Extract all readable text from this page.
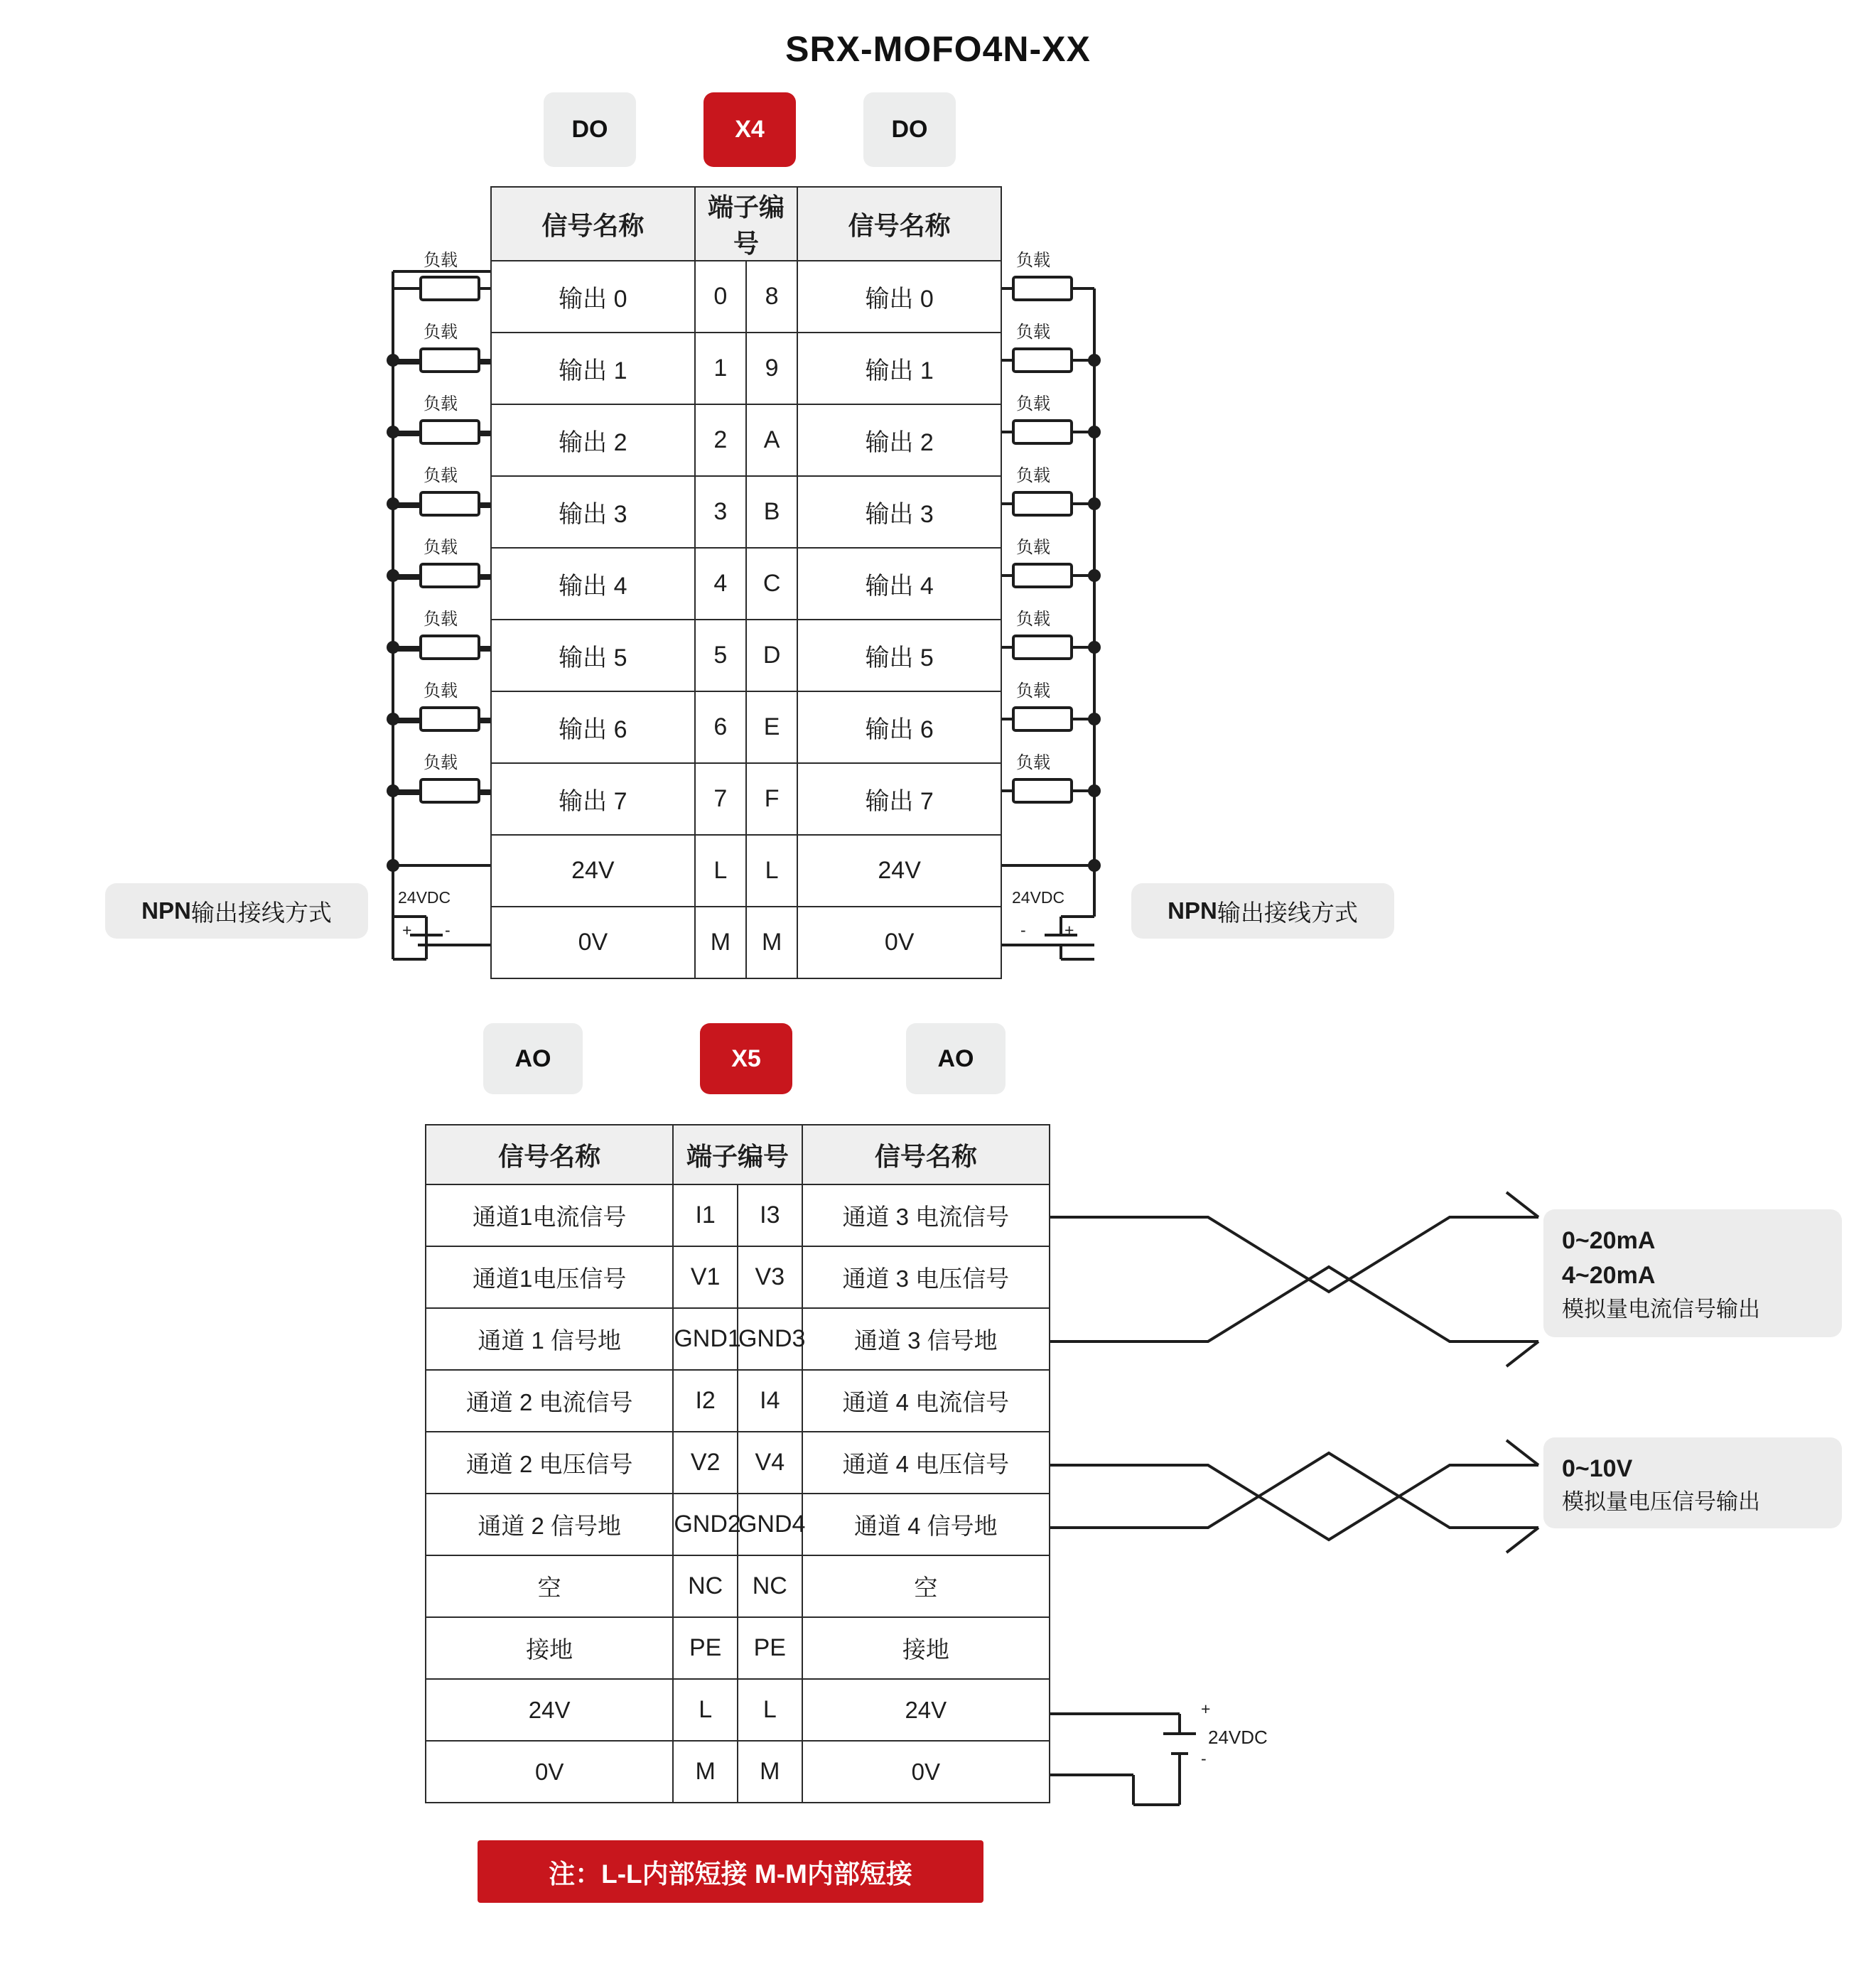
SRX-MOFO4N-XX
DO	X4	DO
信号名称	端子编号		信号名称
输出 0	0	8	输出 0
输出 1	1	9	输出 1
输出 2	2	A	输出 2
输出 3	3	B	输出 3
输出 4	4	C	输出 4
输出 5	5	D	输出 5
输出 6	6	E	输出 6
输出 7	7	F	输出 7
24V	L	L	24V
0V	M	M	0V
AO	X5	AO
信号名称	端子编号		信号名称
通道1电流信号	I1	I3	通道 3 电流信号
通道1电压信号	V1	V3	通道 3 电压信号
通道 1 信号地	GND1	GND3	通道 3 信号地
通道 2 电流信号	I2	I4	通道 4 电流信号
通道 2 电压信号	V2	V4	通道 4 电压信号
通道 2 信号地	GND2	GND4	通道 4 信号地
空	NC	NC	空
接地	PE	PE	接地
24V	L	L	24V
0V	M	M	0V
负载
负载
负载
负载
负载
负载
负载
负载
负载
负载
负载
负载
负载
负载
负载
负载
24VDC
+ -
24VDC
- +
24VDC
+
-
NPN 输出接线方式	NPN 输出接线方式
0~20mA
4~20mA
模拟量电流信号输出
0~10V
模拟量电压信号输出
注：L-L内部短接 M-M内部短接
